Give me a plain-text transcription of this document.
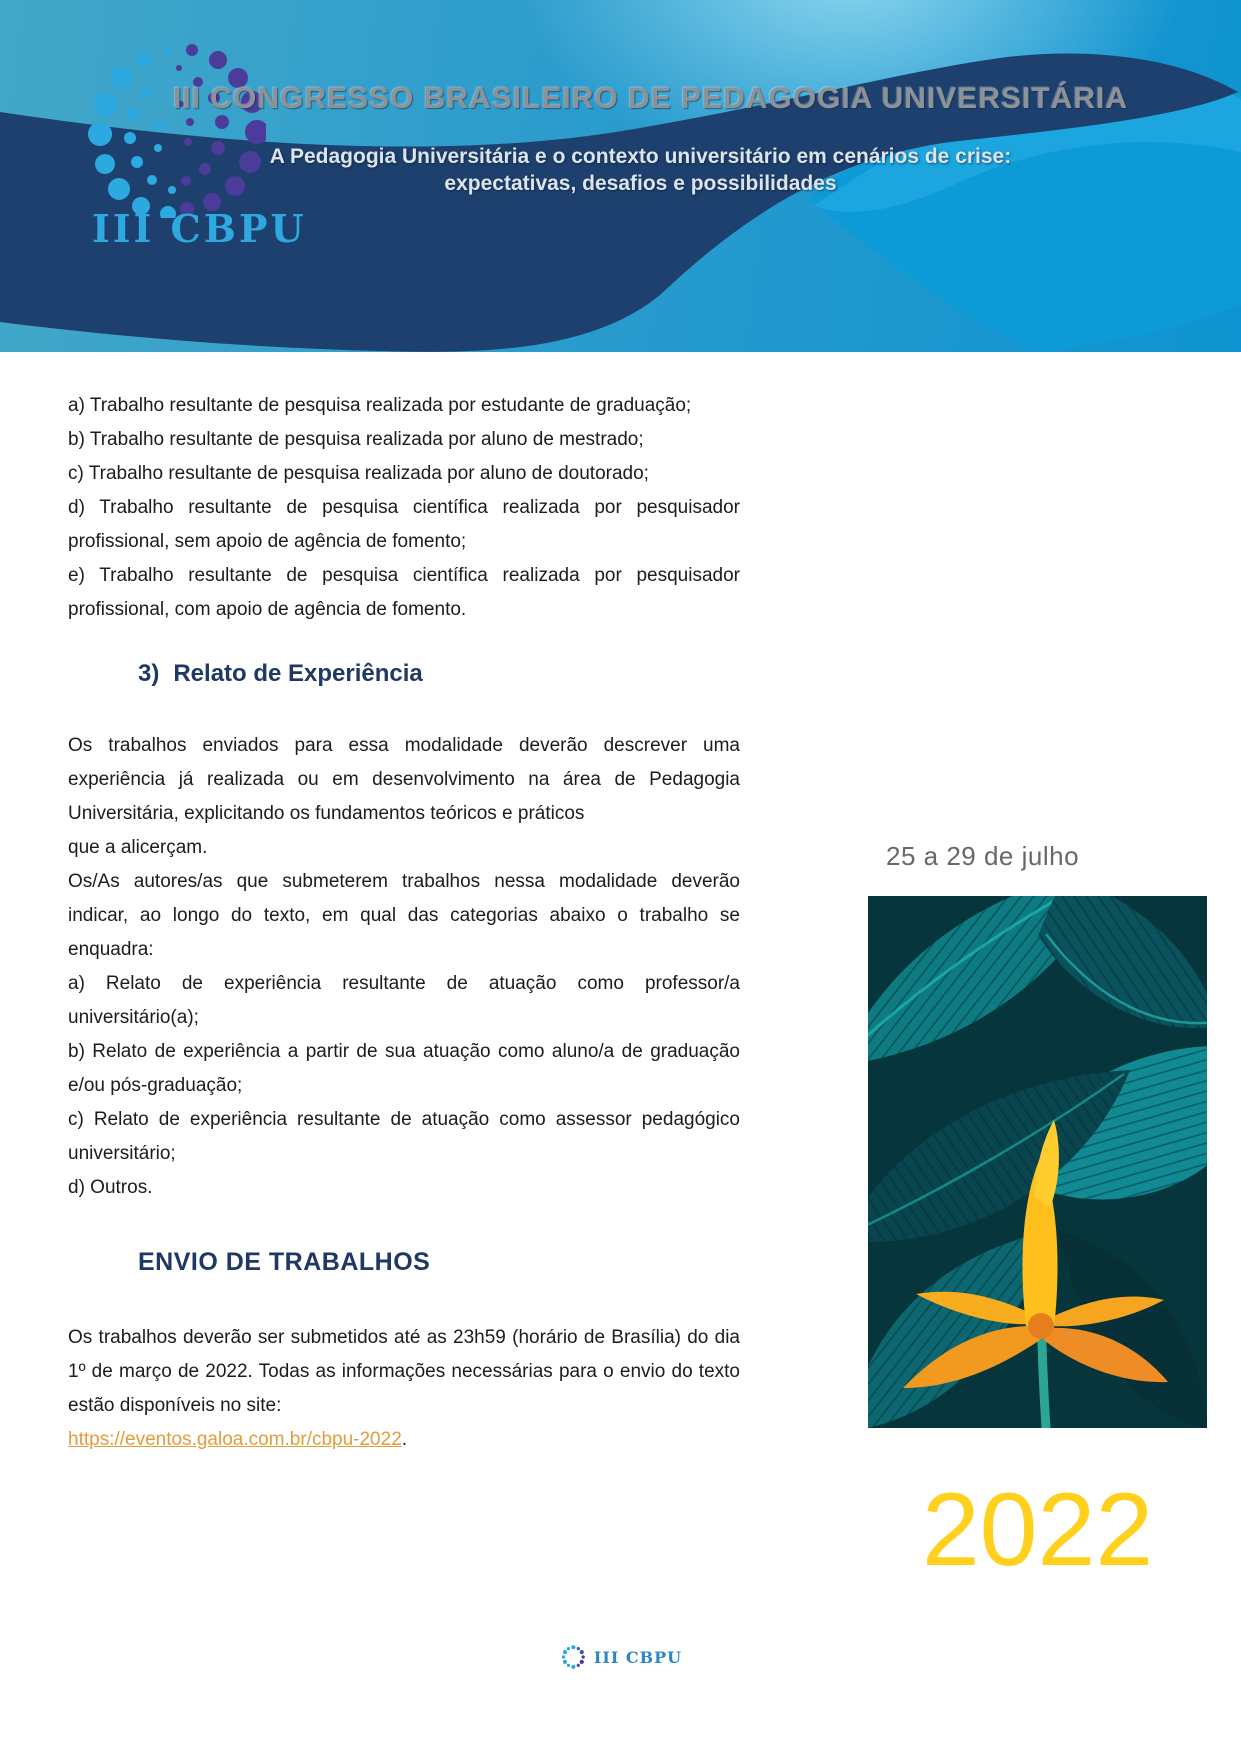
III CBPU
III CONGRESSO BRASILEIRO DE PEDAGOGIA UNIVERSITÁRIA
A Pedagogia Universitária e o contexto universitário em cenários de crise:
expectativas, desafios e possibilidades

a) Trabalho resultante de pesquisa realizada por estudante de graduação;

b) Trabalho resultante de pesquisa realizada por aluno de mestrado;

c) Trabalho resultante de pesquisa realizada por aluno de doutorado;

d) Trabalho resultante de pesquisa científica realizada por pesquisador profissional, sem apoio de agência de fomento;

e) Trabalho resultante de pesquisa científica realizada por pesquisador profissional, com apoio de agência de fomento.

3) Relato de Experiência

Os trabalhos enviados para essa modalidade deverão descrever uma experiência já realizada ou em desenvolvimento na área de Pedagogia Universitária, explicitando os fundamentos teóricos e práticos

que a alicerçam.

Os/As autores/as que submeterem trabalhos nessa modalidade deverão indicar, ao longo do texto, em qual das categorias abaixo o trabalho se enquadra:

a) Relato de experiência resultante de atuação como professor/a universitário(a);

b) Relato de experiência a partir de sua atuação como aluno/a de graduação e/ou pós-graduação;

c) Relato de experiência resultante de atuação como assessor pedagógico universitário;

d) Outros.

ENVIO DE TRABALHOS

Os trabalhos deverão ser submetidos até as 23h59 (horário de Brasília) do dia 1º de março de 2022. Todas as informações necessárias para o envio do texto estão disponíveis no site:

https://eventos.galoa.com.br/cbpu-2022.
25 a 29 de julho
2022
III CBPU
